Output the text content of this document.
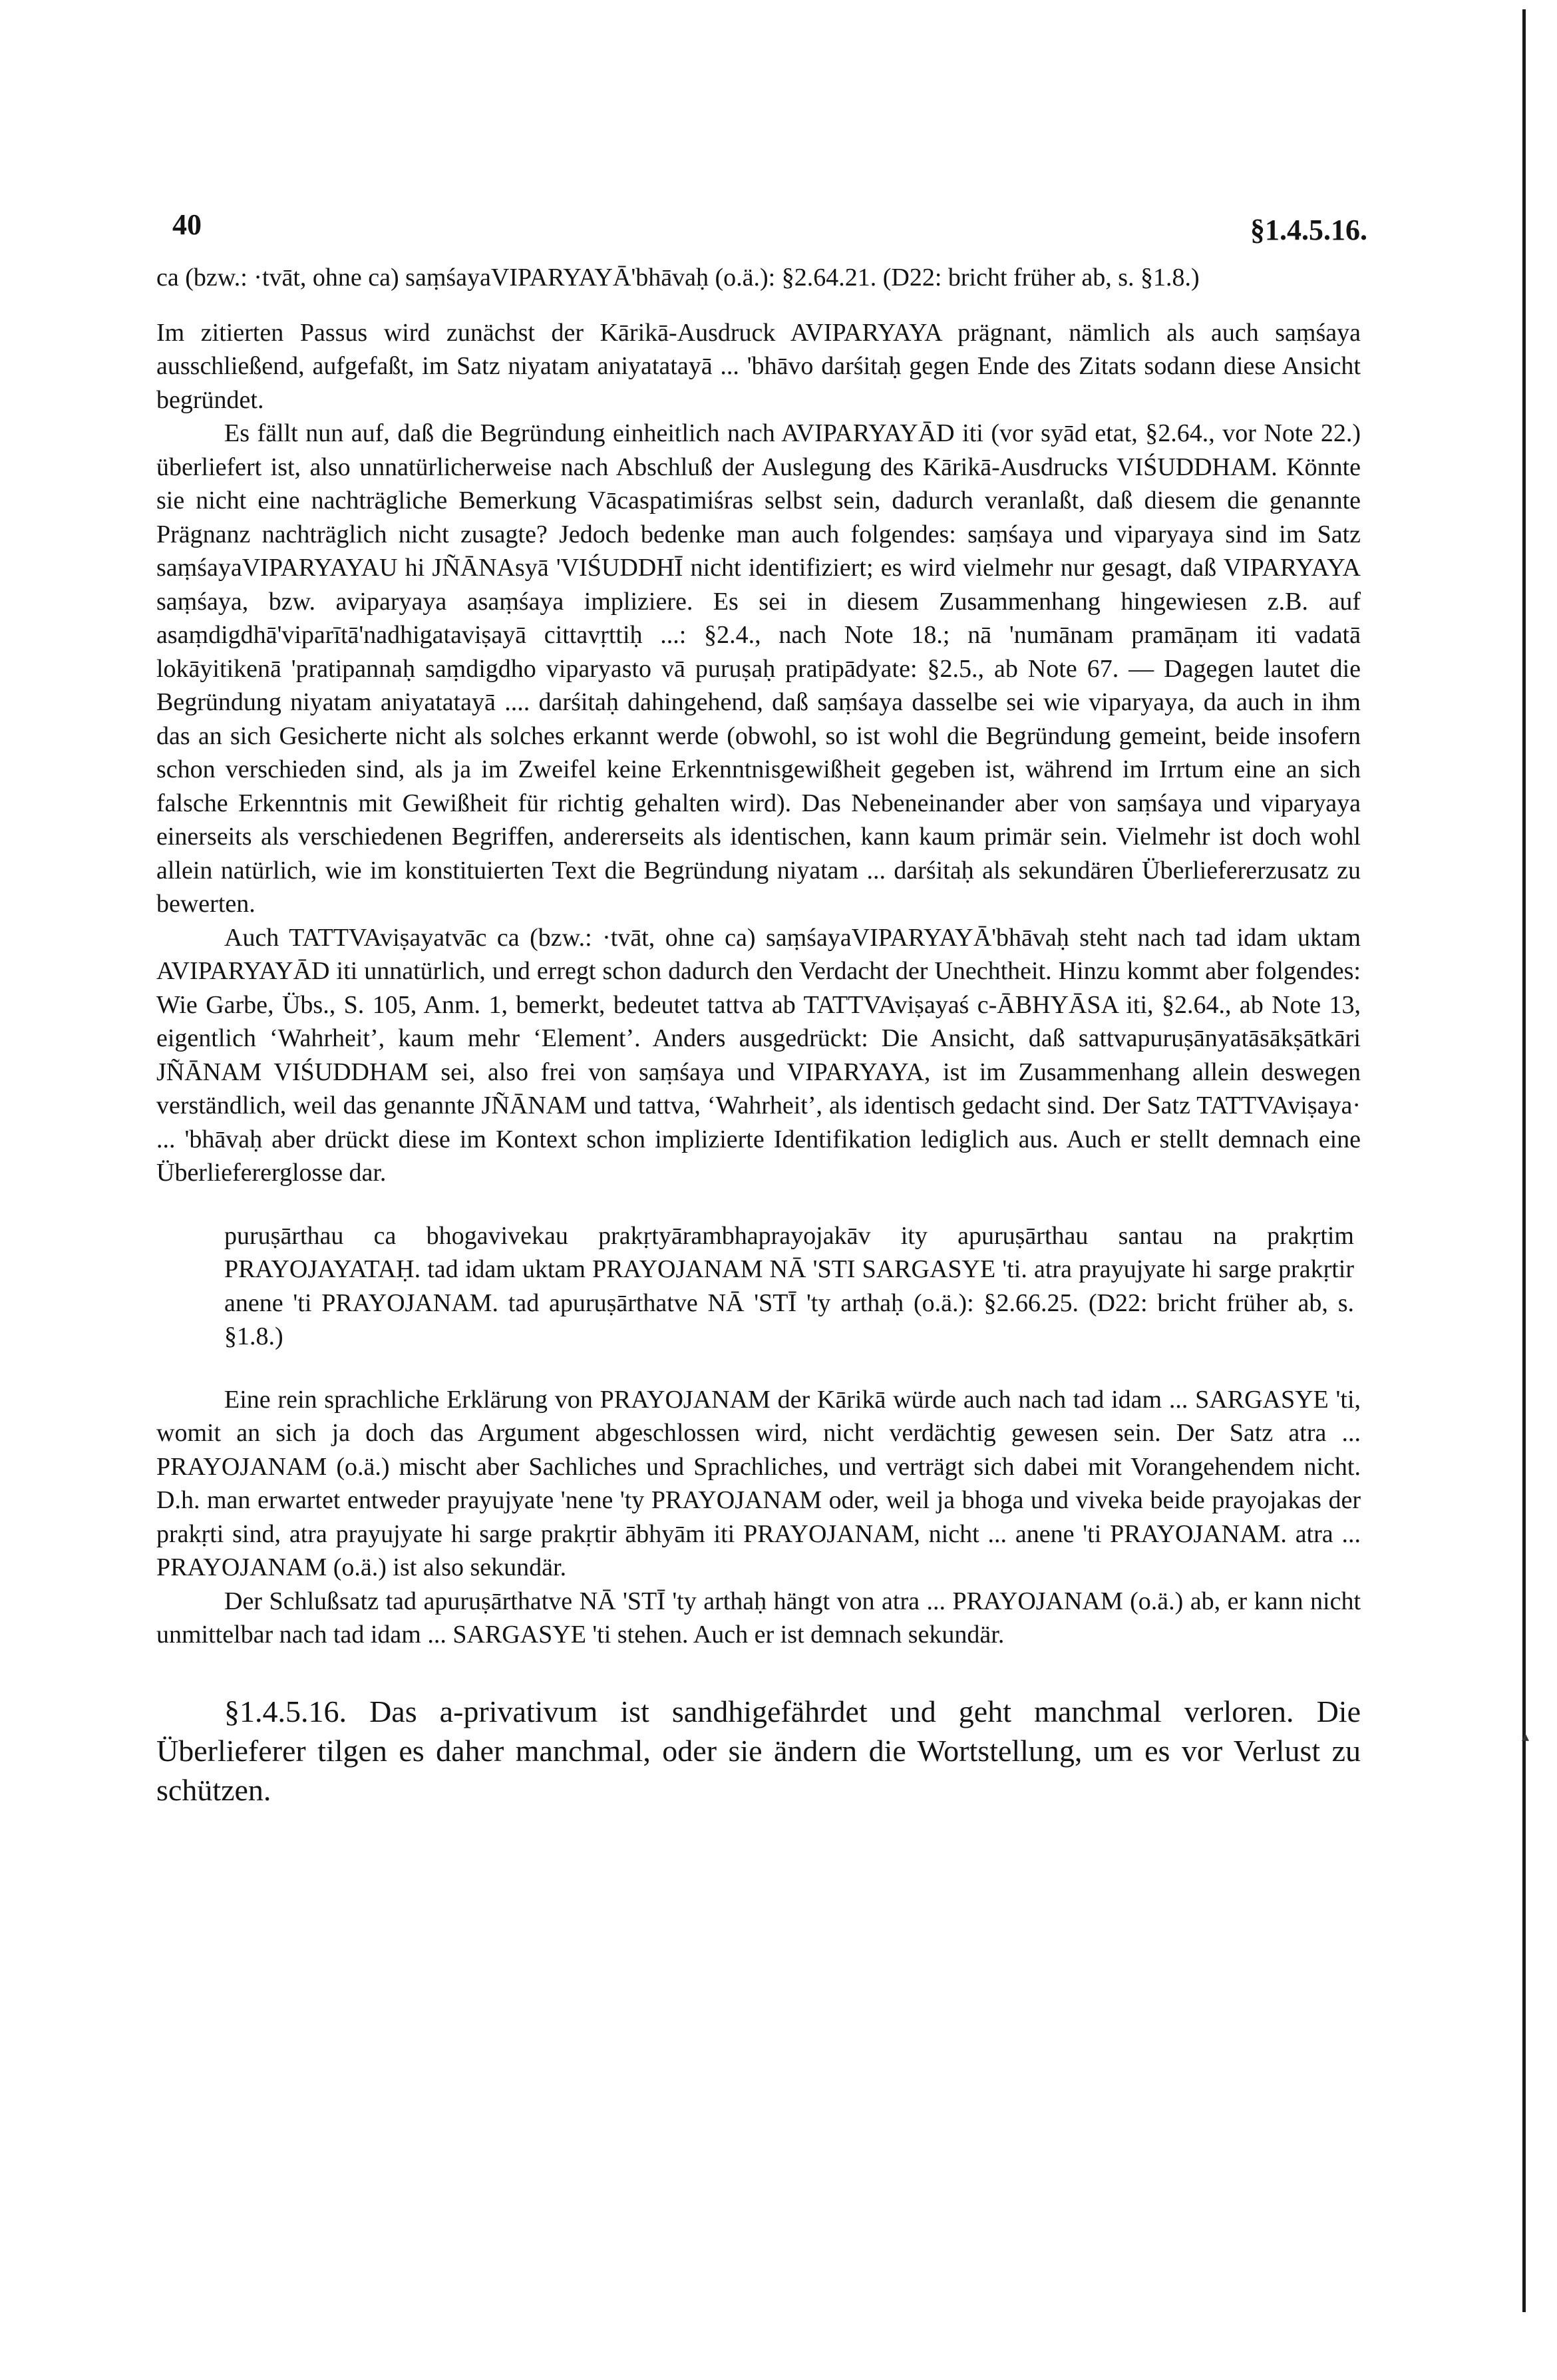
▴
40	§1.4.5.16.

ca (bzw.: ·tvāt, ohne ca) saṃśayaVIPARYAYĀ'bhāvaḥ (o.ä.): §2.64.21. (D22: bricht früher ab, s. §1.8.)

Im zitierten Passus wird zunächst der Kārikā-Ausdruck AVIPARYAYA prägnant, nämlich als auch saṃśaya ausschließend, aufgefaßt, im Satz niyatam aniyatatayā ... 'bhāvo darśitaḥ gegen Ende des Zitats sodann diese Ansicht begründet.

Es fällt nun auf, daß die Begründung einheitlich nach AVIPARYAYĀD iti (vor syād etat, §2.64., vor Note 22.) überliefert ist, also unnatürlicherweise nach Abschluß der Auslegung des Kārikā-Ausdrucks VIŚUDDHAM. Könnte sie nicht eine nachträgliche Bemerkung Vācaspatimiśras selbst sein, dadurch veranlaßt, daß diesem die genannte Prägnanz nachträglich nicht zusagte? Jedoch bedenke man auch folgendes: saṃśaya und viparyaya sind im Satz saṃśayaVIPARYAYAU hi JÑĀNAsyā 'VIŚUDDHĪ nicht identifiziert; es wird vielmehr nur gesagt, daß VIPARYAYA saṃśaya, bzw. aviparyaya asaṃśaya impliziere. Es sei in diesem Zusammenhang hingewiesen z.B. auf asaṃdigdhā'viparītā'nadhigatavi​ṣayā cittavṛttiḥ ...: §2.4., nach Note 18.; nā 'numānam pramāṇam iti vadatā lokāyitikenā 'pratipannaḥ saṃdigdho viparyasto vā puruṣaḥ pratipādyate: §2.5., ab Note 67. — Dagegen lautet die Begründung niyatam aniyatatayā .... darśitaḥ dahingehend, daß saṃśaya dasselbe sei wie viparyaya, da auch in ihm das an sich Gesicherte nicht als solches erkannt werde (obwohl, so ist wohl die Begründung gemeint, beide insofern schon verschieden sind, als ja im Zweifel keine Erkenntnisgewißheit gegeben ist, während im Irrtum eine an sich falsche Erkenntnis mit Gewißheit für richtig gehalten wird). Das Nebeneinander aber von saṃśaya und viparyaya einerseits als verschiedenen Begriffen, andererseits als identischen, kann kaum primär sein. Vielmehr ist doch wohl allein natürlich, wie im konstituierten Text die Begründung niyatam ... darśitaḥ als sekundären Überliefererzusatz zu bewerten.

Auch TATTVAviṣayatvāc ca (bzw.: ·tvāt, ohne ca) saṃśayaVIPARYAYĀ'bhāvaḥ steht nach tad idam uktam AVIPARYAYĀD iti unnatürlich, und erregt schon dadurch den Verdacht der Unechtheit. Hinzu kommt aber folgendes: Wie Garbe, Übs., S. 105, Anm. 1, bemerkt, bedeutet tattva ab TATTVAviṣayaś c-ĀBHYĀSA iti, §2.64., ab Note 13, eigentlich ‘Wahrheit’, kaum mehr ‘Element’. Anders ausgedrückt: Die Ansicht, daß sattvapuruṣānyatāsākṣātkāri JÑĀNAM VIŚUDDHAM sei, also frei von saṃśaya und VIPARYAYA, ist im Zusammenhang allein deswegen verständlich, weil das genannte JÑĀNAM und tattva, ‘Wahrheit’, als identisch gedacht sind. Der Satz TATTVAviṣaya· ... 'bhāvaḥ aber drückt diese im Kontext schon implizierte Identifikation lediglich aus. Auch er stellt demnach eine Überlieferergl​osse dar.

puruṣārthau ca bhogavivekau prakṛtyārambhaprayojakāv ity apuruṣārthau santau na prakṛtim PRAYOJAYATAḤ. tad idam uktam PRAYOJANAM NĀ 'STI SARGASYE 'ti. atra prayujyate hi sarge prakṛtir anene 'ti PRAYOJANAM. tad apuruṣārthatve NĀ 'STĪ 'ty arthaḥ (o.ä.): §2.66.25. (D22: bricht früher ab, s. §1.8.)

Eine rein sprachliche Erklärung von PRAYOJANAM der Kārikā würde auch nach tad idam ... SARGASYE 'ti, womit an sich ja doch das Argument abgeschlossen wird, nicht verdächtig gewesen sein. Der Satz atra ... PRAYOJANAM (o.ä.) mischt aber Sachliches und Sprachliches, und verträgt sich dabei mit Vorangehendem nicht. D.h. man erwartet entweder prayujyate 'nene 'ty PRAYOJANAM oder, weil ja bhoga und viveka beide prayojakas der prakṛti sind, atra prayujyate hi sarge prakṛtir ābhyām iti PRAYOJANAM, nicht ... anene 'ti PRAYOJANAM. atra ... PRAYOJANAM (o.ä.) ist also sekundär.

Der Schlußsatz tad apuruṣārthatve NĀ 'STĪ 'ty arthaḥ hängt von atra ... PRAYOJANAM (o.ä.) ab, er kann nicht unmittelbar nach tad idam ... SARGASYE 'ti stehen. Auch er ist demnach sekundär.

§1.4.5.16. Das a-privativum ist sandhigefährdet und geht manchmal verloren. Die Überlieferer tilgen es daher manchmal, oder sie ändern die Wortstellung, um es vor Verlust zu schützen.
